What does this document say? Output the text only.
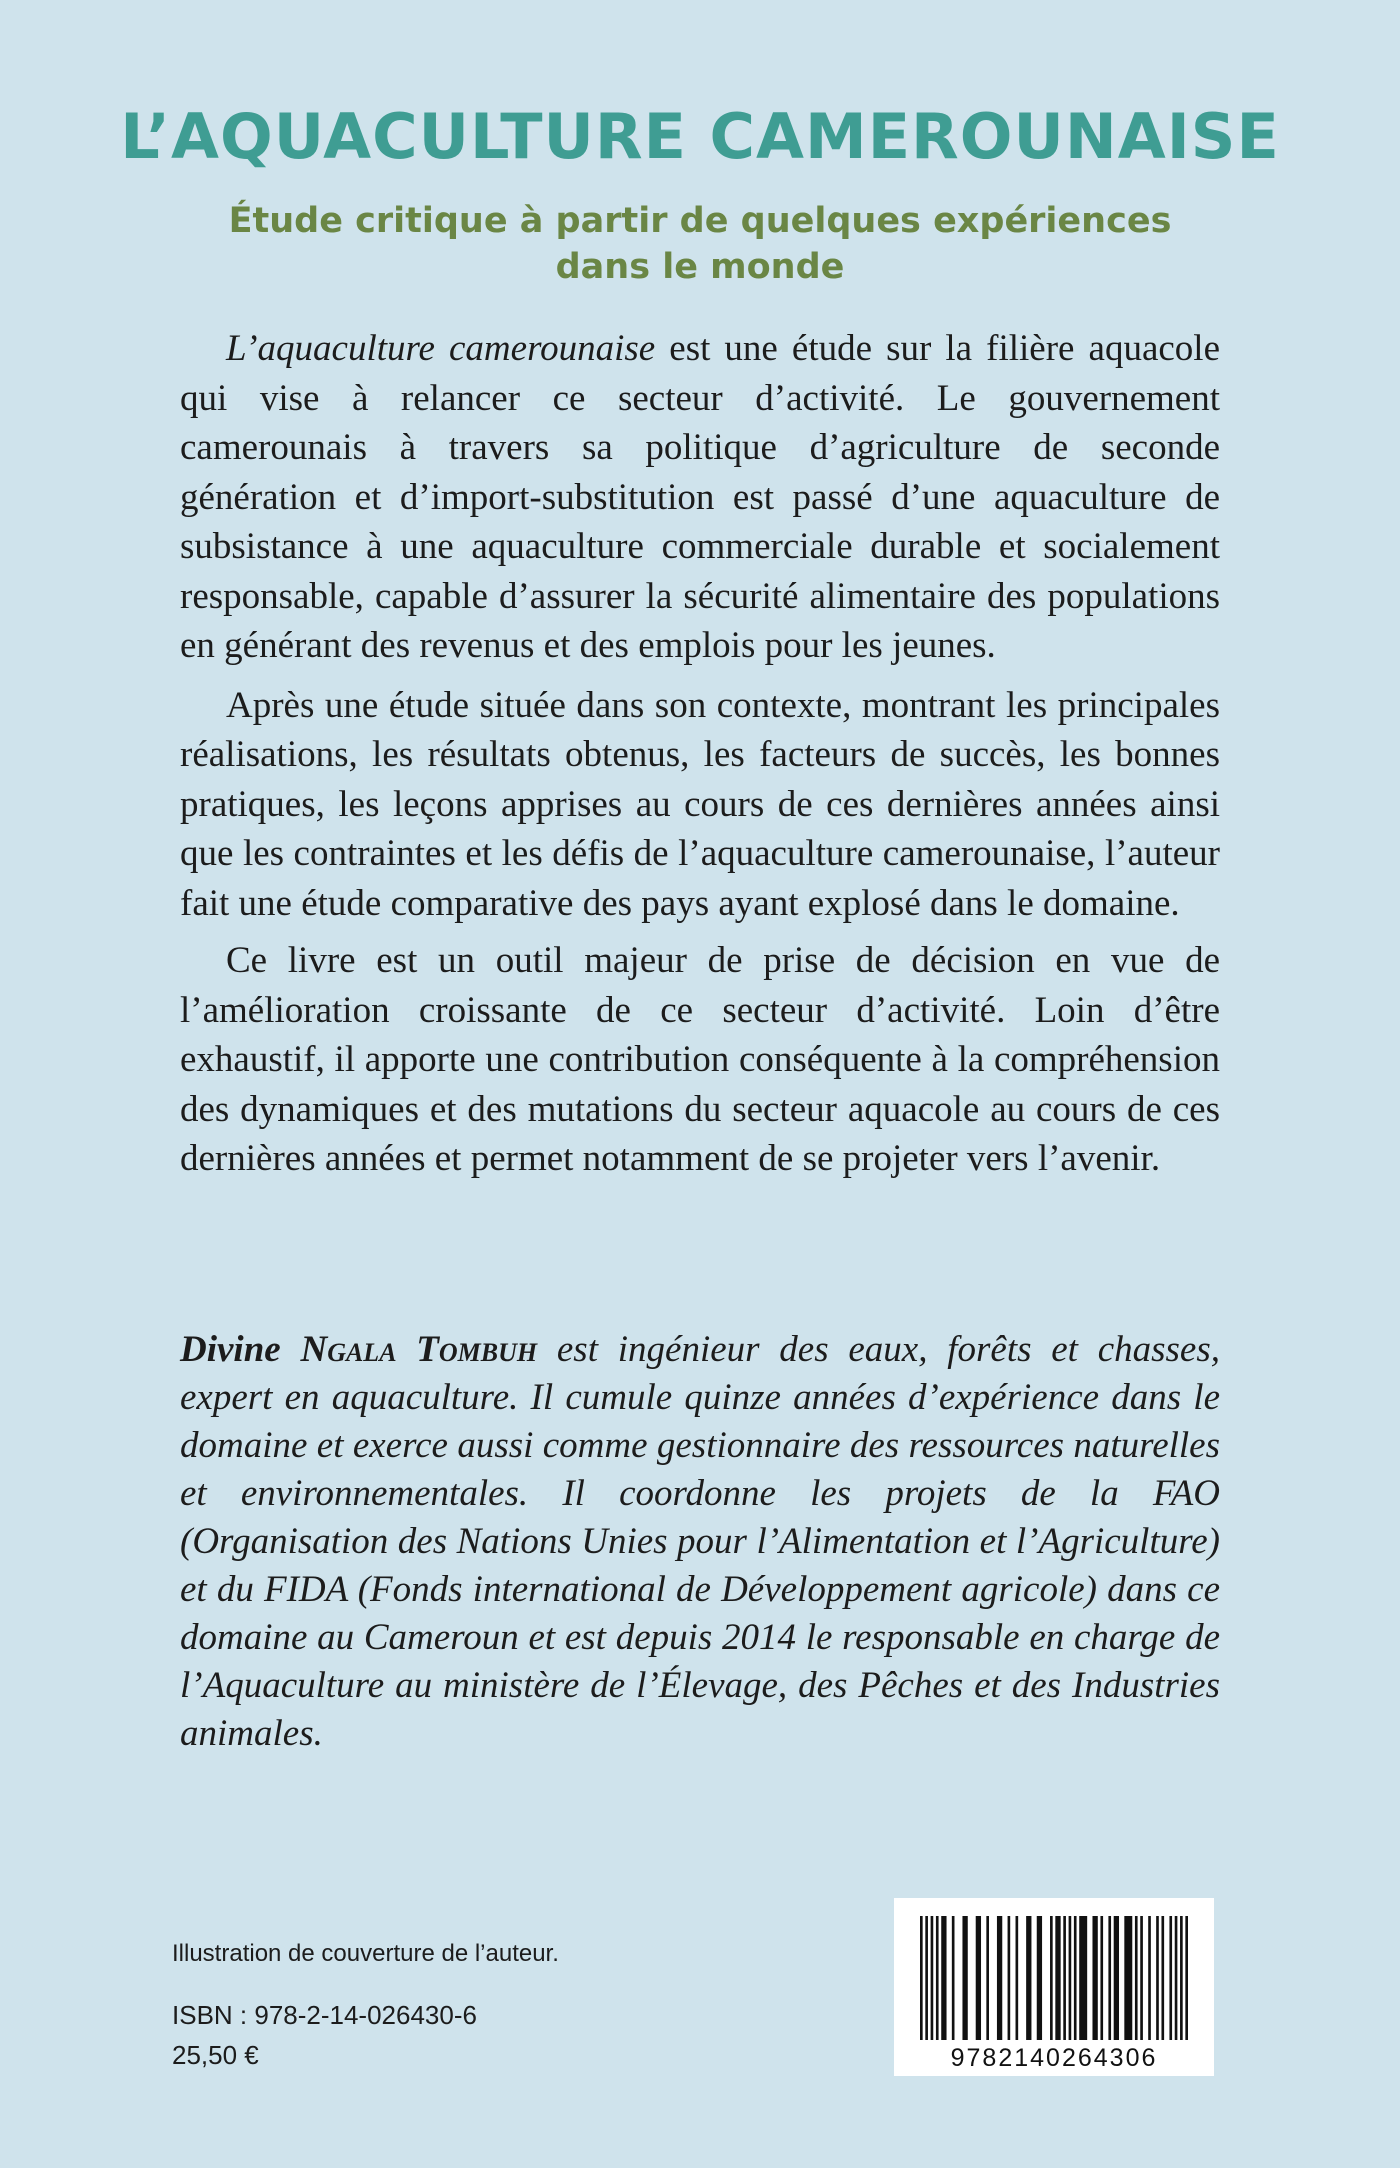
L’AQUACULTURE CAMEROUNAISE
Étude critique à partir de quelques expériences
dans le monde

L’aquaculture camerounaise est une étude sur la filière aquacole qui vise à relancer ce secteur d’activité. Le gouvernement camerounais à travers sa politique d’agriculture de seconde génération et d’import-substitution est passé d’une aquaculture de subsistance à une aquaculture commerciale durable et socialement responsable, capable d’assurer la sécurité alimentaire des populations en générant des revenus et des emplois pour les jeunes.

Après une étude située dans son contexte, montrant les principales réalisations, les résultats obtenus, les facteurs de succès, les bonnes pratiques, les leçons apprises au cours de ces dernières années ainsi que les contraintes et les défis de l’aquaculture camerounaise, l’auteur fait une étude comparative des pays ayant explosé dans le domaine.

Ce livre est un outil majeur de prise de décision en vue de l’amélioration croissante de ce secteur d’activité. Loin d’être exhaustif, il apporte une contribution conséquente à la compréhension des dynamiques et des mutations du secteur aquacole au cours de ces dernières années et permet notamment de se projeter vers l’avenir.

Divine Ngala Tombuh est ingénieur des eaux, forêts et chasses, expert en aquaculture. Il cumule quinze années d’expérience dans le domaine et exerce aussi comme gestionnaire des ressources naturelles et environnementales. Il coordonne les projets de la FAO (Organisation des Nations Unies pour l’Alimentation et l’Agriculture) et du FIDA (Fonds international de Développement agricole) dans ce domaine au Cameroun et est depuis 2014 le responsable en charge de l’Aquaculture au ministère de l’Élevage, des Pêches et des Industries animales.

Illustration de couverture de l’auteur.
ISBN : 978-2-14-026430-6
25,50 €	9782140264306
